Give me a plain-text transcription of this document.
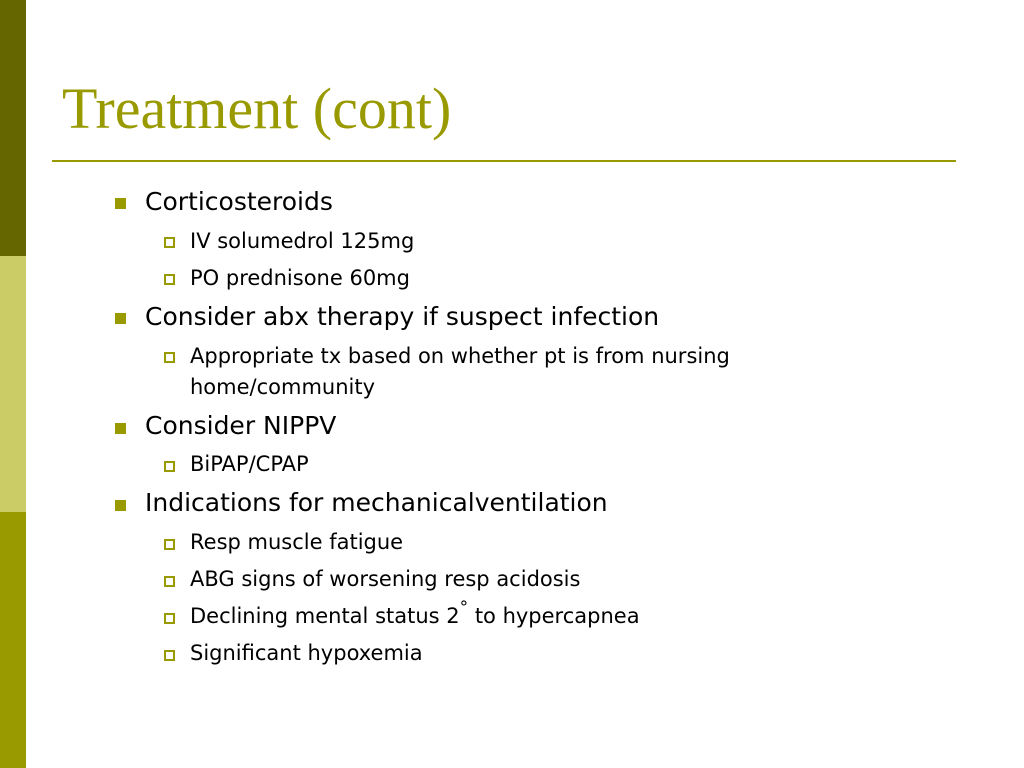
Treatment (cont)
Corticosteroids
IV solumedrol 125mg
PO prednisone 60mg
Consider abx therapy if suspect infection
Appropriate tx based on whether pt is from nursing home/community
Consider NIPPV
BiPAP/CPAP
Indications for mechanicalventilation
Resp muscle fatigue
ABG signs of worsening resp acidosis
Declining mental status 2° to hypercapnea
Significant hypoxemia
